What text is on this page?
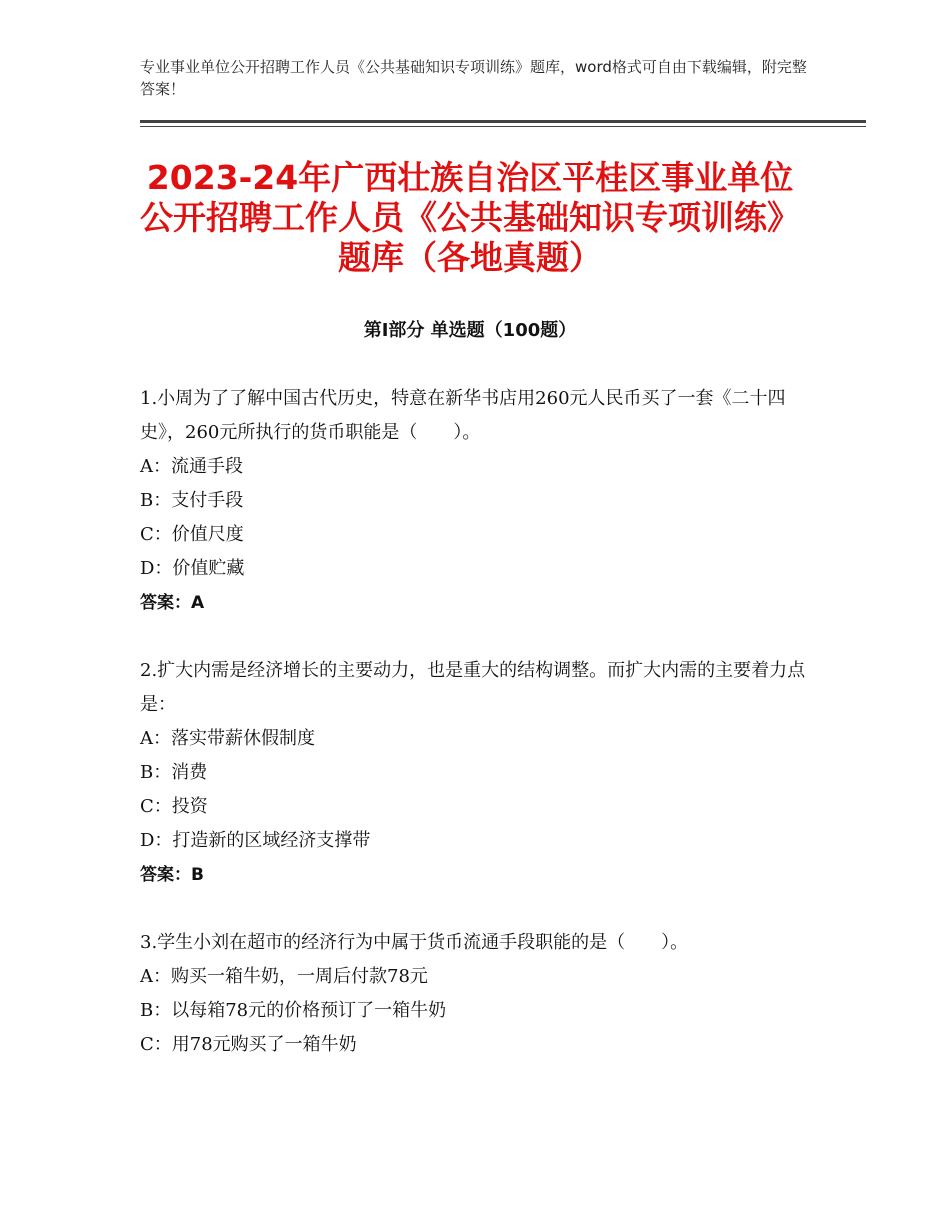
专业事业单位公开招聘工作人员《公共基础知识专项训练》题库，word格式可自由下载编辑，附完整答案！
2023-24年广西壮族自治区平桂区事业单位公开招聘工作人员《公共基础知识专项训练》题库（各地真题）
第Ⅰ部分 单选题（100题）

1.小周为了了解中国古代历史，特意在新华书店用260元人民币买了一套《二十四史》，260元所执行的货币职能是（　　）。

A：流通手段

B：支付手段

C：价值尺度

D：价值贮藏

答案：A

2.扩大内需是经济增长的主要动力，也是重大的结构调整。而扩大内需的主要着力点是：

A：落实带薪休假制度

B：消费

C：投资

D：打造新的区域经济支撑带

答案：B

3.学生小刘在超市的经济行为中属于货币流通手段职能的是（　　）。

A：购买一箱牛奶，一周后付款78元

B：以每箱78元的价格预订了一箱牛奶

C：用78元购买了一箱牛奶
